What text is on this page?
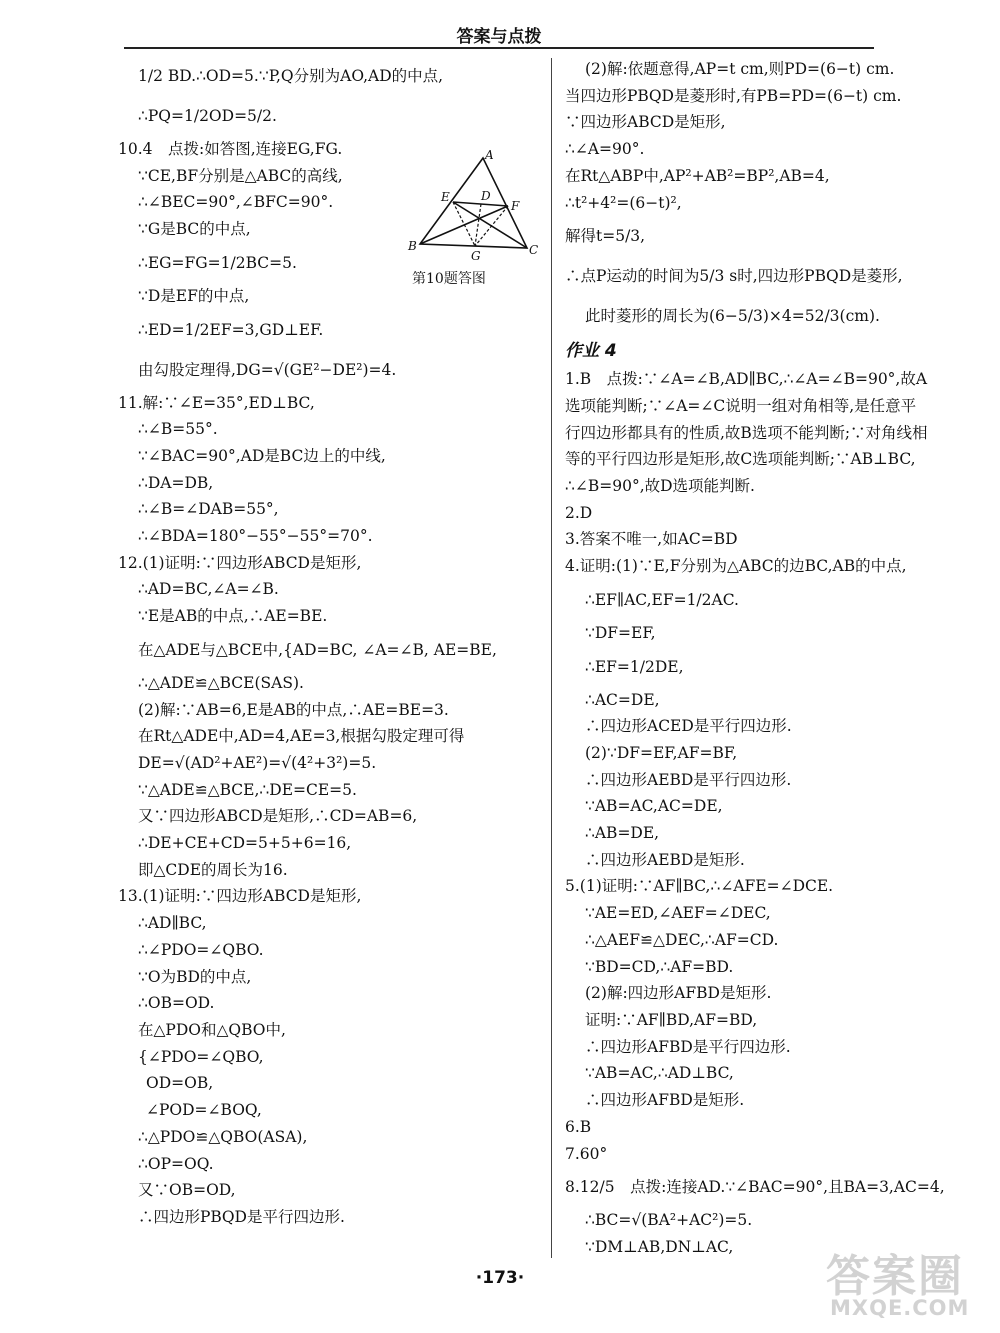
答案与点拨
1/2 BD.∴OD=5.∵P,Q分别为AO,AD的中点,
∴PQ=1/2OD=5/2.
10.4　点拨:如答图,连接EG,FG.
∵CE,BF分别是△ABC的高线,
∴∠BEC=90°,∠BFC=90°.
∵G是BC的中点,
∴EG=FG=1/2BC=5.
∵D是EF的中点,
∴ED=1/2EF=3,GD⊥EF.
由勾股定理得,DG=√(GE²−DE²)=4.
11.解:∵∠E=35°,ED⊥BC,
∴∠B=55°.
∵∠BAC=90°,AD是BC边上的中线,
∴DA=DB,
∴∠B=∠DAB=55°,
∴∠BDA=180°−55°−55°=70°.
12.(1)证明:∵四边形ABCD是矩形,
∴AD=BC,∠A=∠B.
∵E是AB的中点,∴AE=BE.
在△ADE与△BCE中,{AD=BC, ∠A=∠B, AE=BE,
∴△ADE≌△BCE(SAS).
(2)解:∵AB=6,E是AB的中点,∴AE=BE=3.
在Rt△ADE中,AD=4,AE=3,根据勾股定理可得
DE=√(AD²+AE²)=√(4²+3²)=5.
∵△ADE≌△BCE,∴DE=CE=5.
又∵四边形ABCD是矩形,∴CD=AB=6,
∴DE+CE+CD=5+5+6=16,
即△CDE的周长为16.
13.(1)证明:∵四边形ABCD是矩形,
∴AD∥BC,
∴∠PDO=∠QBO.
∵O为BD的中点,
∴OB=OD.
在△PDO和△QBO中,
{∠PDO=∠QBO,
OD=OB,
∠POD=∠BOQ,
∴△PDO≌△QBO(ASA),
∴OP=OQ.
又∵OB=OD,
∴四边形PBQD是平行四边形.
A
E	D
F
B
G	C
第10题答图
(2)解:依题意得,AP=t cm,则PD=(6−t) cm.
当四边形PBQD是菱形时,有PB=PD=(6−t) cm.
∵四边形ABCD是矩形,
∴∠A=90°.
在Rt△ABP中,AP²+AB²=BP²,AB=4,
∴t²+4²=(6−t)²,
解得t=5/3,
∴点P运动的时间为5/3 s时,四边形PBQD是菱形,
此时菱形的周长为(6−5/3)×4=52/3(cm).
作业 4
1.B　点拨:∵∠A=∠B,AD∥BC,∴∠A=∠B=90°,故A
选项能判断;∵∠A=∠C说明一组对角相等,是任意平
行四边形都具有的性质,故B选项不能判断;∵对角线相
等的平行四边形是矩形,故C选项能判断;∵AB⊥BC,
∴∠B=90°,故D选项能判断.
2.D
3.答案不唯一,如AC=BD
4.证明:(1)∵E,F分别为△ABC的边BC,AB的中点,
∴EF∥AC,EF=1/2AC.
∵DF=EF,
∴EF=1/2DE,
∴AC=DE,
∴四边形ACED是平行四边形.
(2)∵DF=EF,AF=BF,
∴四边形AEBD是平行四边形.
∵AB=AC,AC=DE,
∴AB=DE,
∴四边形AEBD是矩形.
5.(1)证明:∵AF∥BC,∴∠AFE=∠DCE.
∵AE=ED,∠AEF=∠DEC,
∴△AEF≌△DEC,∴AF=CD.
∵BD=CD,∴AF=BD.
(2)解:四边形AFBD是矩形.
证明:∵AF∥BD,AF=BD,
∴四边形AFBD是平行四边形.
∵AB=AC,∴AD⊥BC,
∴四边形AFBD是矩形.
6.B
7.60°
8.12/5　点拨:连接AD.∵∠BAC=90°,且BA=3,AC=4,
∴BC=√(BA²+AC²)=5.
∵DM⊥AB,DN⊥AC,
·173·	答案圈
MXQE.COM
